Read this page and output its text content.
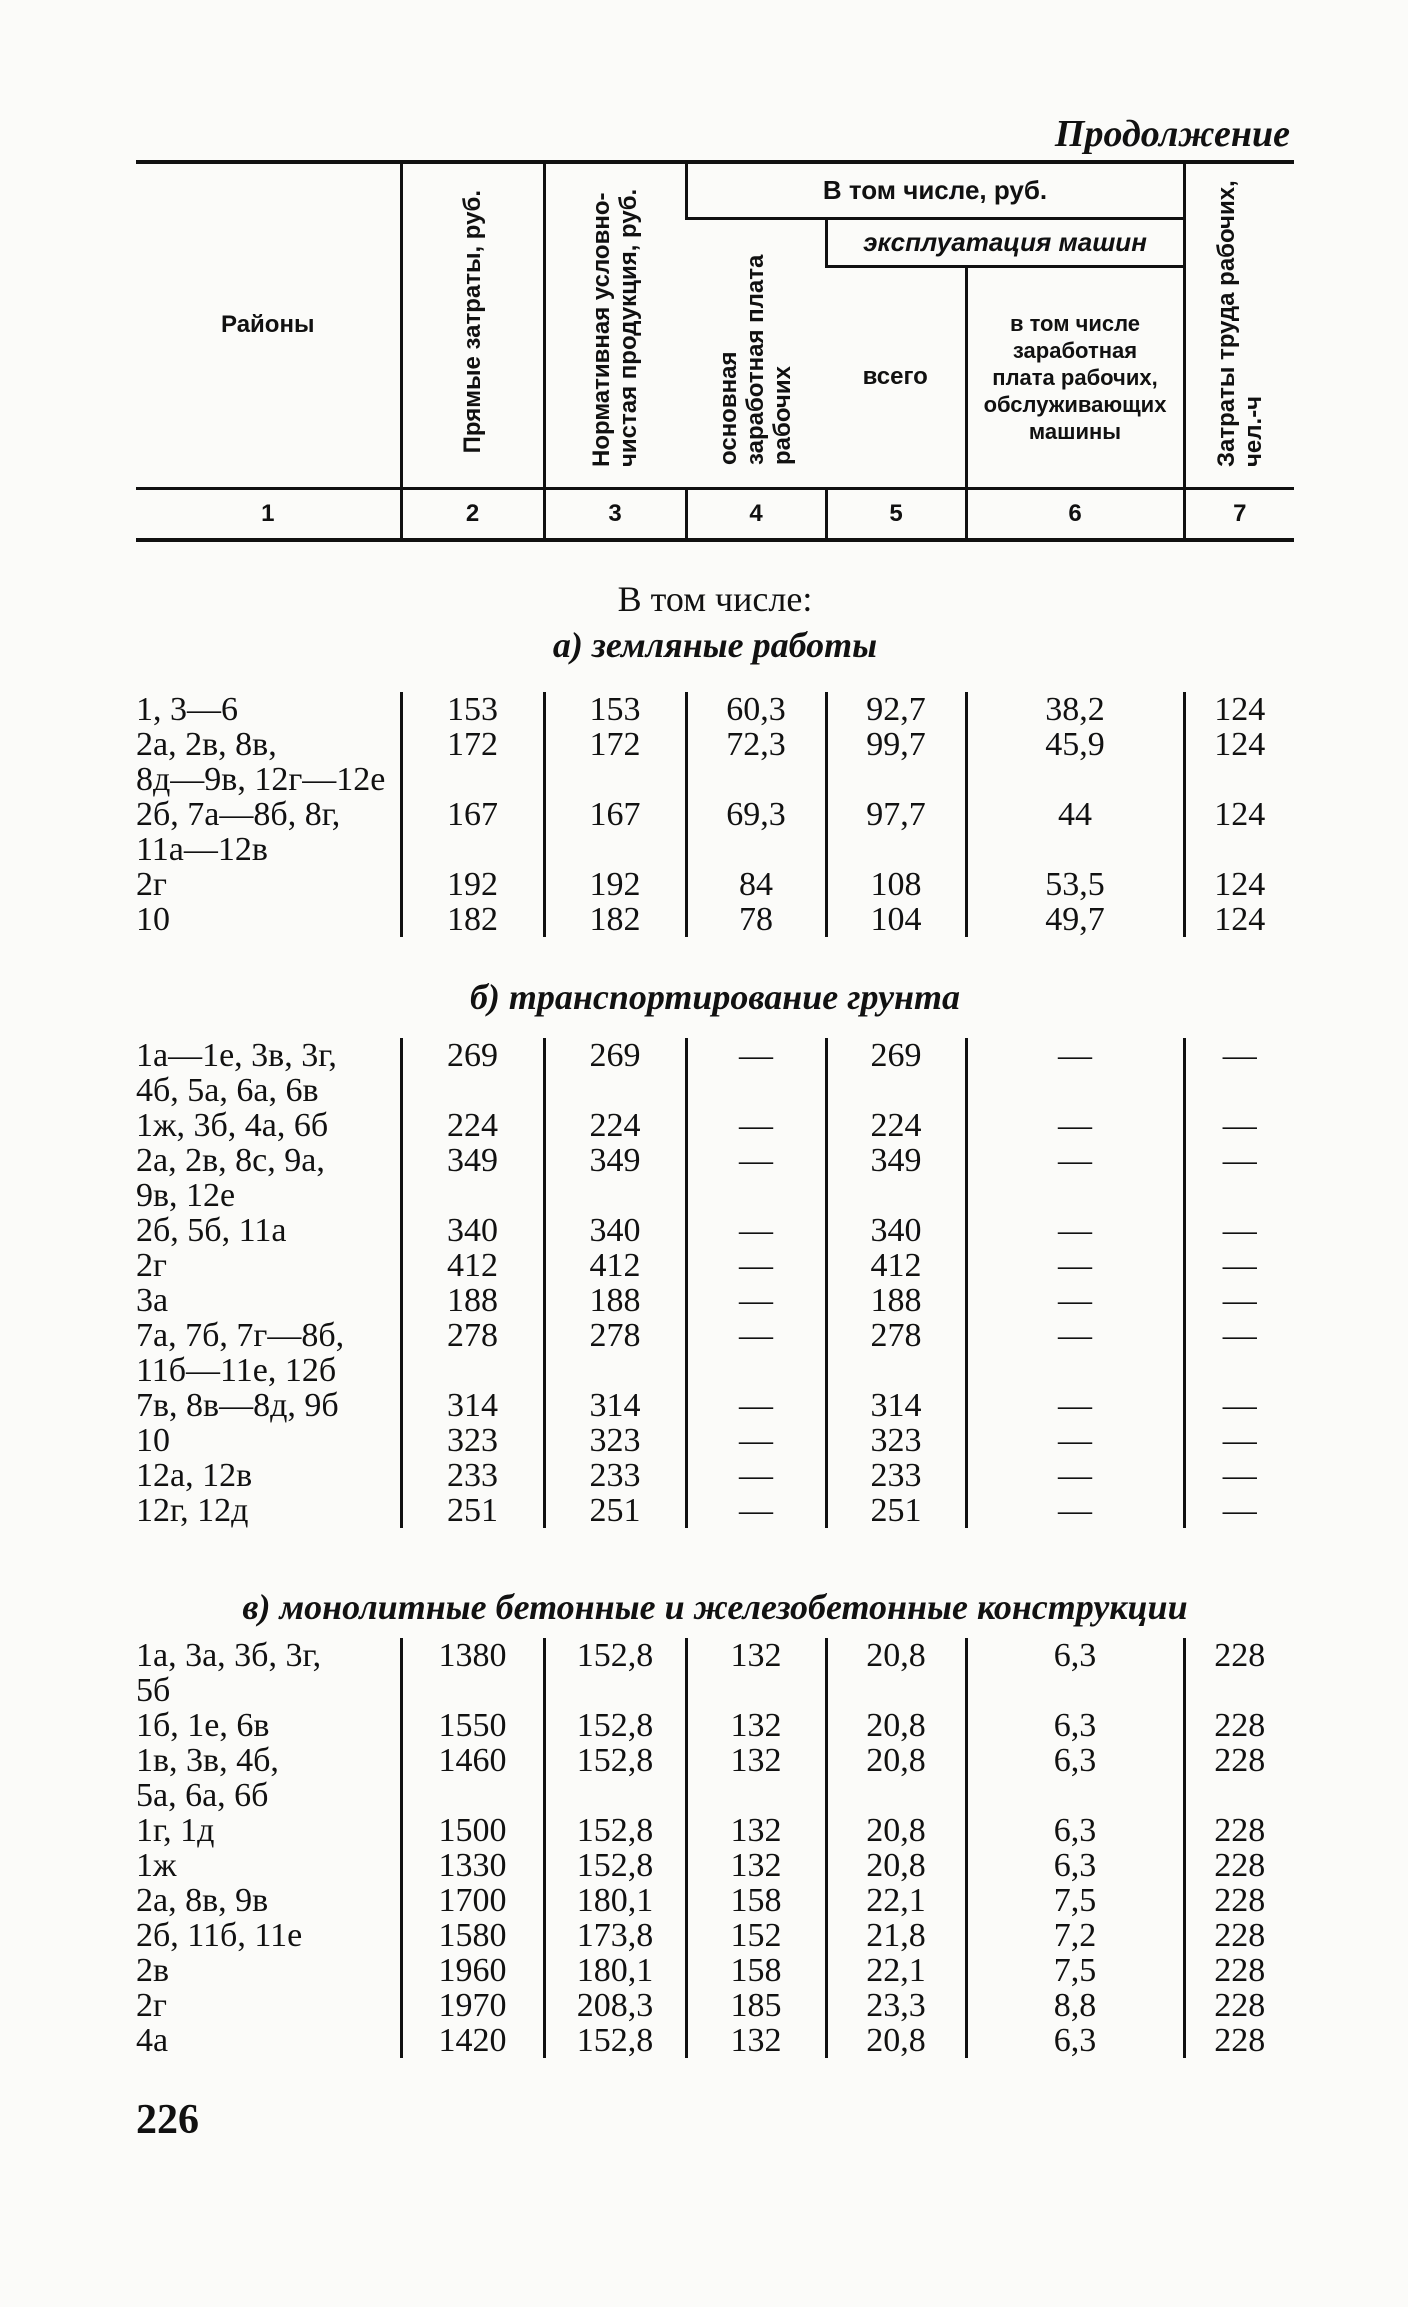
Продолжение
Районы	Прямые затраты, руб.	Нормативная условно-чистая продукция, руб.	В том числе, руб.			Затраты труда рабочих, чел.-ч
			основная заработная плата рабочих	эксплуатация машин		
				всего	в том числе заработная плата рабочих, обслуживающих машины	
1	2	3	4	5	6	7
В том числе:
а) земляные работы
1, 3—6	153	153	60,3	92,7	38,2	124
2а, 2в, 8в,	172	172	72,3	99,7	45,9	124
8д—9в, 12г—12е						
2б, 7а—8б, 8г,	167	167	69,3	97,7	44	124
11а—12в						
2г	192	192	84	108	53,5	124
10	182	182	78	104	49,7	124
б) транспортирование грунта
1а—1е, 3в, 3г,	269	269	—	269	—	—
4б, 5а, 6а, 6в						
1ж, 3б, 4а, 6б	224	224	—	224	—	—
2а, 2в, 8с, 9а,	349	349	—	349	—	—
9в, 12е						
2б, 5б, 11а	340	340	—	340	—	—
2г	412	412	—	412	—	—
3а	188	188	—	188	—	—
7а, 7б, 7г—8б,	278	278	—	278	—	—
11б—11е, 12б						
7в, 8в—8д, 9б	314	314	—	314	—	—
10	323	323	—	323	—	—
12а, 12в	233	233	—	233	—	—
12г, 12д	251	251	—	251	—	—
в) монолитные бетонные и железобетонные конструкции
1а, 3а, 3б, 3г,	1380	152,8	132	20,8	6,3	228
5б						
1б, 1е, 6в	1550	152,8	132	20,8	6,3	228
1в, 3в, 4б,	1460	152,8	132	20,8	6,3	228
5а, 6а, 6б						
1г, 1д	1500	152,8	132	20,8	6,3	228
1ж	1330	152,8	132	20,8	6,3	228
2а, 8в, 9в	1700	180,1	158	22,1	7,5	228
2б, 11б, 11е	1580	173,8	152	21,8	7,2	228
2в	1960	180,1	158	22,1	7,5	228
2г	1970	208,3	185	23,3	8,8	228
4а	1420	152,8	132	20,8	6,3	228
226
